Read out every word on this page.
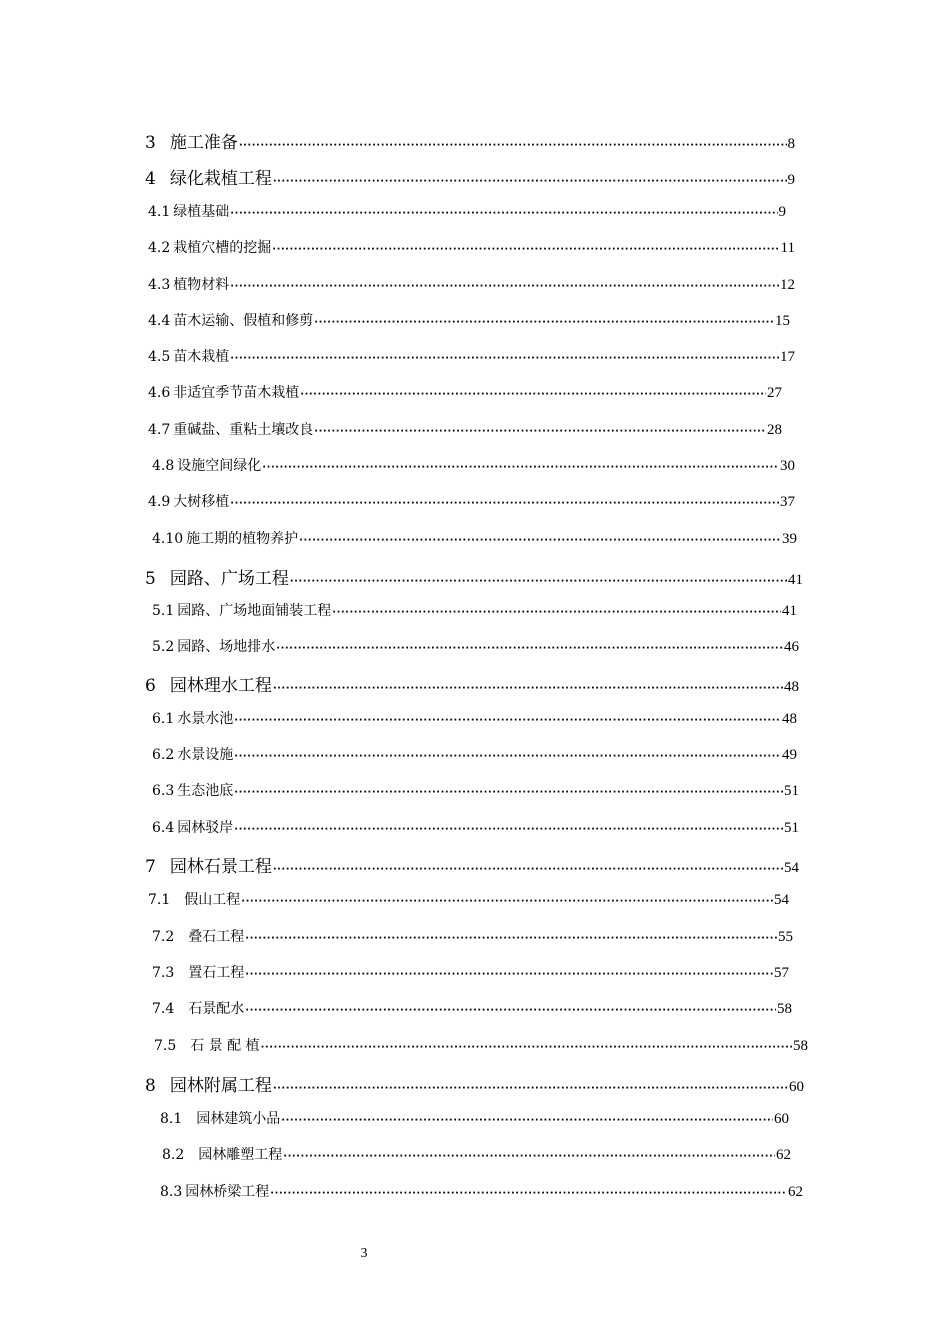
3 施工准备 ·····	8
4 绿化栽植工程 ·····	9
4.1 绿植基础 ·····	9
4.2 栽植穴槽的挖掘 ·····	11
4.3 植物材料 ·····	12
4.4 苗木运输、假植和修剪 ·····	15
4.5 苗木栽植 ·····	17
4.6 非适宜季节苗木栽植 ·····	27
4.7 重碱盐、重粘土壤改良 ·····	28
4.8 设施空间绿化 ·····	30
4.9 大树移植 ·····	37
4.10 施工期的植物养护 ·····	39
5 园路、广场工程 ·····	41
5.1 园路、广场地面铺装工程 ·····	41
5.2 园路、场地排水 ·····	46
6 园林理水工程 ·····	48
6.1 水景水池 ·····	48
6.2 水景设施 ·····	49
6.3 生态池底 ·····	51
6.4 园林驳岸 ·····	51
7 园林石景工程 ·····	54
7.1 假山工程 ·····	54
7.2 叠石工程 ·····	55
7.3 置石工程 ·····	57
7.4 石景配水 ·····	58
7.5 石 景 配 植 ·····	58
8 园林附属工程 ·····	60
8.1 园林建筑小品 ·····	60
8.2 园林雕塑工程 ·····	62
8.3 园林桥梁工程 ·····	62
3
